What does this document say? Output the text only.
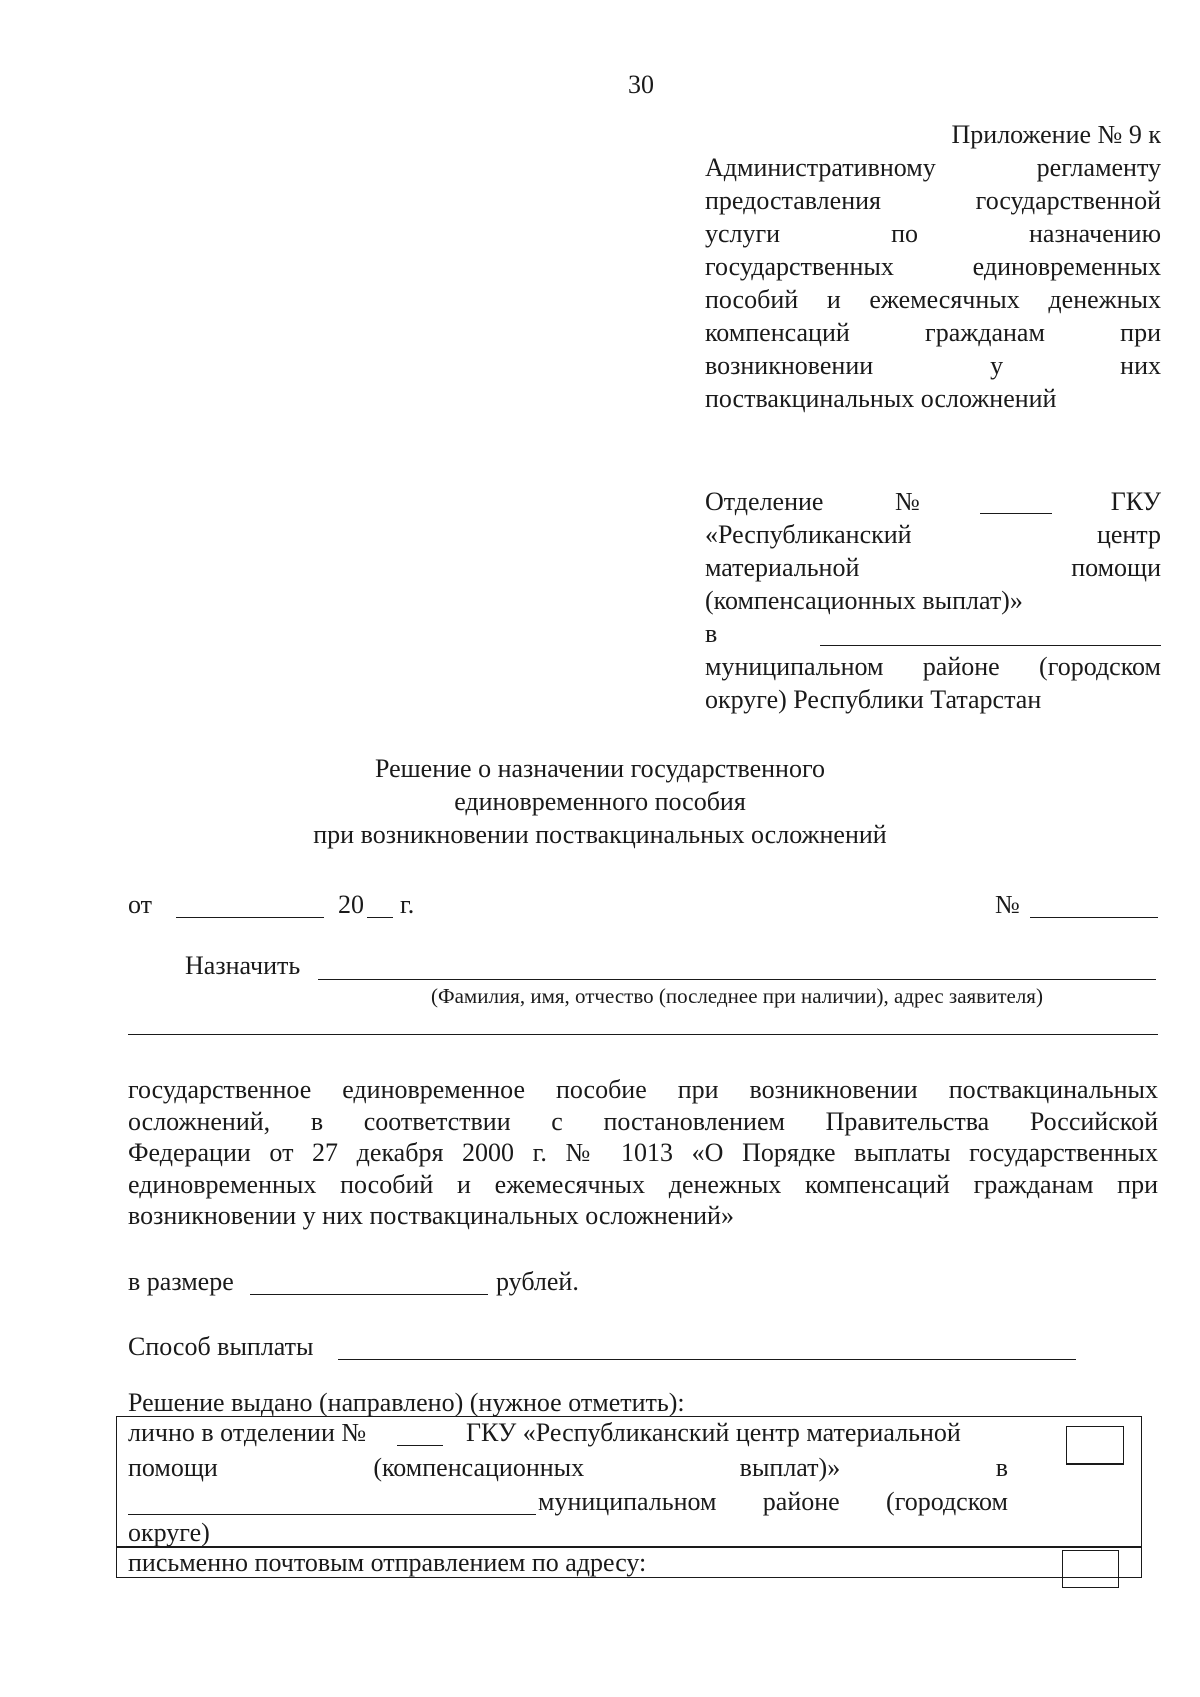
30
Приложение № 9 к
Административному регламенту
предоставления государственной
услуги по назначению
государственных единовременных
пособий и ежемесячных денежных
компенсаций гражданам при
возникновении у них
поствакцинальных осложнений
Отделение	№	ГКУ
«Республиканский	центр
материальной	помощи
(компенсационных выплат)»
в
муниципальном районе (городском
округе) Республики Татарстан
Решение о назначении государственного
единовременного пособия
при возникновении поствакцинальных осложнений
от	20 г.	№
Назначить
(Фамилия, имя, отчество (последнее при наличии), адрес заявителя)
государственное единовременное пособие при возникновении поствакцинальных
осложнений, в соответствии с постановлением Правительства Российской
Федерации от 27 декабря 2000 г. № 1013 «О Порядке выплаты государственных
единовременных пособий и ежемесячных денежных компенсаций гражданам при
возникновении у них поствакцинальных осложнений»
в размере	рублей.
Способ выплаты
Решение выдано (направлено) (нужное отметить):
лично в отделении №	ГКУ «Республиканский центр материальной
помощи (компенсационных выплат)» в
муниципальном районе (городском
округе)
письменно почтовым отправлением по адресу:
